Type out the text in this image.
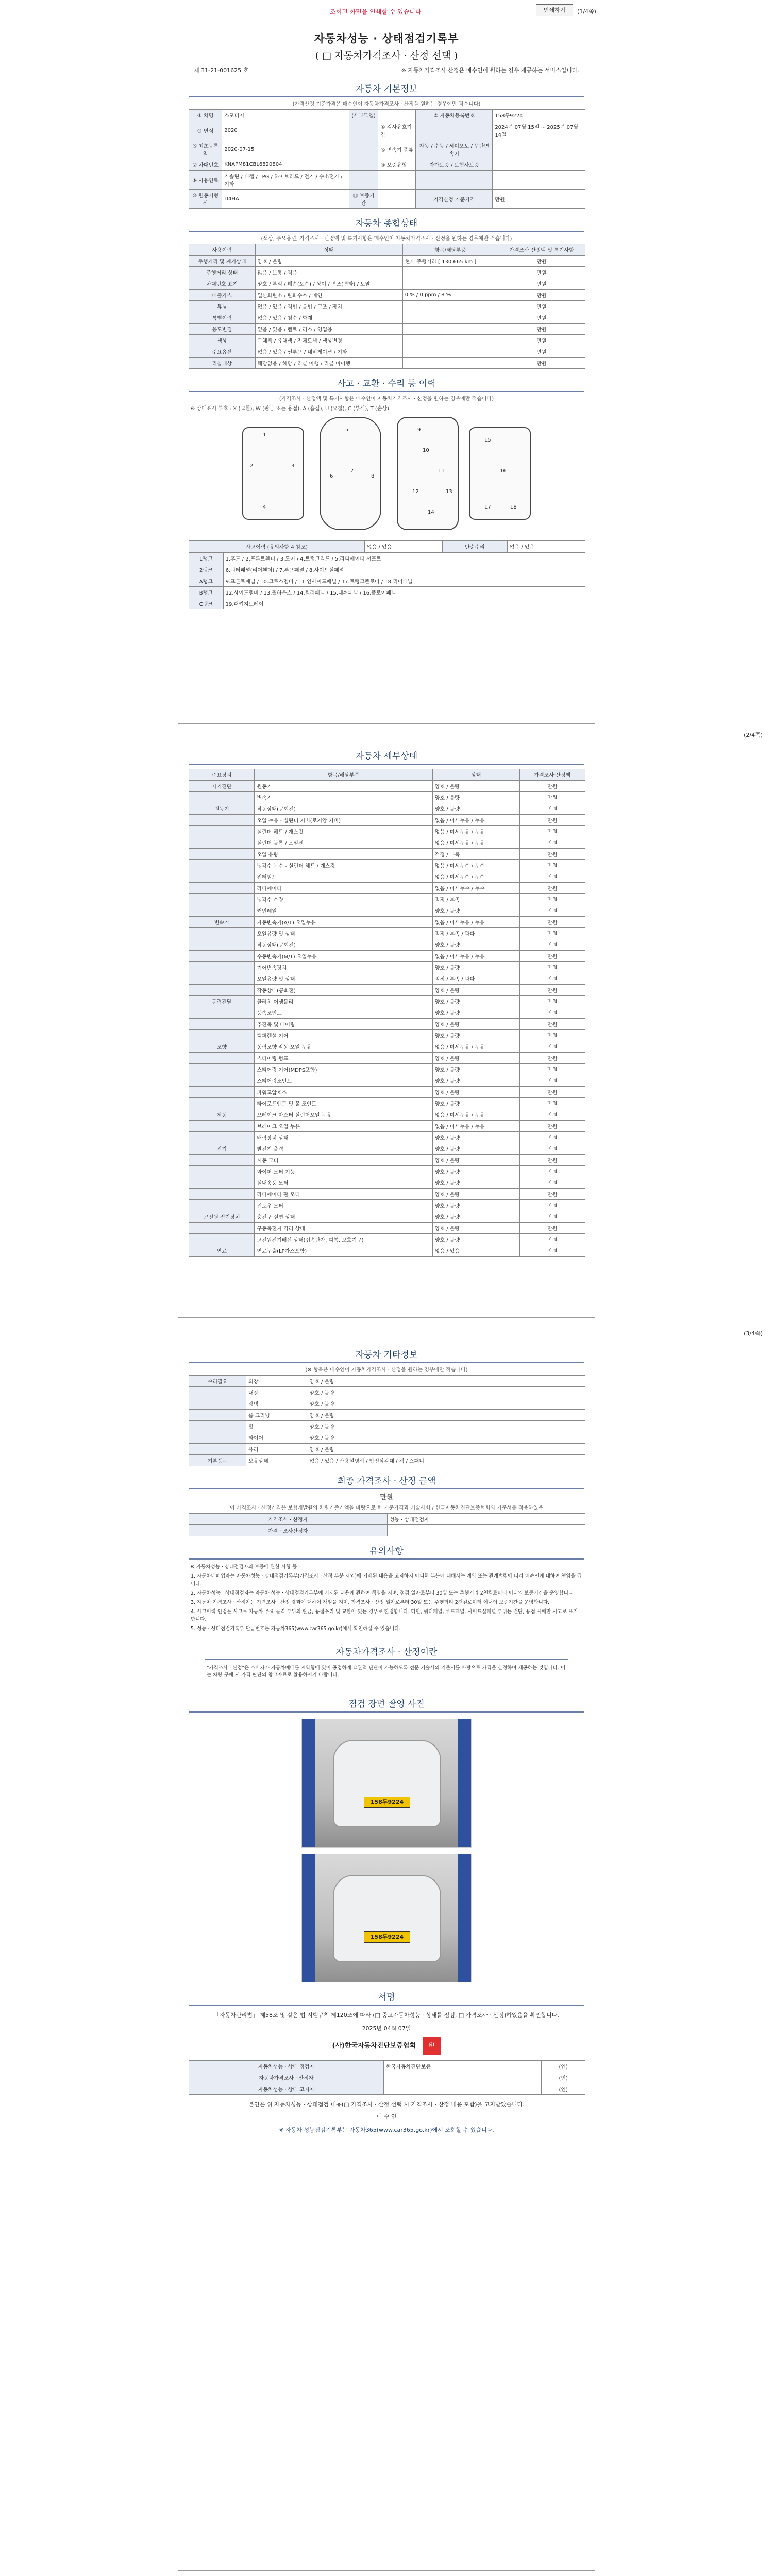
조회된 화면을 인쇄할 수 있습니다	인쇄하기	(1/4쪽)
자동차성능 · 상태점검기록부
( □ 자동차가격조사 · 산정 선택 )
제 31-21-001625 호	※ 자동차가격조사·산정은 매수인이 원하는 경우 제공하는 서비스입니다.
자동차 기본정보
(가격산정 기준가격은 매수인이 자동차가격조사 · 산정을 원하는 경우에만 적습니다)
① 차명	스포티지	(세부모델)		② 자동차등록번호	158두9224
③ 연식	2020		④ 검사유효기간		2024년 07월 15일 ~ 2025년 07월 14일
⑤ 최초등록일	2020-07-15		⑥ 변속기 종류	자동 / 수동 / 세미오토 / 무단변속기	
⑦ 차대번호	KNAPM81CBL6820804		⑧ 보증유형	자가보증 / 보험사보증	
⑨ 사용연료	가솔린 / 디젤 / LPG / 하이브리드 / 전기 / 수소전기 / 기타				
⑩ 원동기형식	D4HA	⑪ 보증기간		가격산정 기준가격	만원
자동차 종합상태
(색상, 주요옵션, 가격조사 · 산정액 및 특기사항은 매수인이 자동차가격조사 · 산정을 원하는 경우에만 적습니다)
사용이력	상태	항목/해당부품	가격조사·산정액 및 특기사항
주행거리 및 계기상태	양호 / 불량	현재 주행거리 [ 130,665 km ]	만원
주행거리 상태	많음 / 보통 / 적음		만원
차대번호 표기	양호 / 부식 / 훼손(오손) / 상이 / 변조(변타) / 도말		만원
배출가스	일산화탄소 / 탄화수소 / 매연	0 % / 0 ppm / 8 %	만원
튜닝	없음 / 있음 / 적법 / 불법 / 구조 / 장치		만원
특별이력	없음 / 있음 / 침수 / 화재		만원
용도변경	없음 / 있음 / 렌트 / 리스 / 영업용		만원
색상	무채색 / 유채색 / 전체도색 / 색상변경		만원
주요옵션	없음 / 있음 / 썬루프 / 네비게이션 / 기타		만원
리콜대상	해당없음 / 해당 / 리콜 이행 / 리콜 미이행		만원
사고 · 교환 · 수리 등 이력
(가격조사 · 산정액 및 특기사항은 매수인이 자동차가격조사 · 산정을 원하는 경우에만 적습니다)
※ 상태표시 부호 : X (교환), W (판금 또는 용접), A (흠집), U (요철), C (부식), T (손상)
1
2	3
4
5
6
7
8
9
10
11
12	13
14
15
16
17	18
사고이력 (유의사항 4 참조)	없음 / 있음	단순수리	없음 / 있음
1랭크	1.후드 / 2.프론트휀더 / 3.도어 / 4.트렁크리드 / 5.라디에이터 서포트
2랭크	6.쿼터패널(리어휀더) / 7.루프패널 / 8.사이드실패널
A랭크	9.프론트패널 / 10.크로스멤버 / 11.인사이드패널 / 17.트렁크플로어 / 18.리어패널
B랭크	12.사이드멤버 / 13.휠하우스 / 14.필러패널 / 15.대쉬패널 / 16.플로어패널
C랭크	19.패키지트레이
(2/4쪽)
자동차 세부상태
주요장치	항목/해당부품	상태	가격조사·산정액
자기진단	원동기	양호 / 불량	만원
	변속기	양호 / 불량	만원
원동기	작동상태(공회전)	양호 / 불량	만원
	오일 누유 - 실린더 커버(로커암 커버)	없음 / 미세누유 / 누유	만원
	실린더 헤드 / 개스킷	없음 / 미세누유 / 누유	만원
	실린더 블록 / 오일팬	없음 / 미세누유 / 누유	만원
	오일 유량	적정 / 부족	만원
	냉각수 누수 - 실린더 헤드 / 개스킷	없음 / 미세누수 / 누수	만원
	워터펌프	없음 / 미세누수 / 누수	만원
	라디에이터	없음 / 미세누수 / 누수	만원
	냉각수 수량	적정 / 부족	만원
	커먼레일	양호 / 불량	만원
변속기	자동변속기(A/T) 오일누유	없음 / 미세누유 / 누유	만원
	오일유량 및 상태	적정 / 부족 / 과다	만원
	작동상태(공회전)	양호 / 불량	만원
	수동변속기(M/T) 오일누유	없음 / 미세누유 / 누유	만원
	기어변속장치	양호 / 불량	만원
	오일유량 및 상태	적정 / 부족 / 과다	만원
	작동상태(공회전)	양호 / 불량	만원
동력전달	클러치 어셈블리	양호 / 불량	만원
	등속조인트	양호 / 불량	만원
	추진축 및 베어링	양호 / 불량	만원
	디퍼렌셜 기어	양호 / 불량	만원
조향	동력조향 작동 오일 누유	없음 / 미세누유 / 누유	만원
	스티어링 펌프	양호 / 불량	만원
	스티어링 기어(MDPS포함)	양호 / 불량	만원
	스티어링조인트	양호 / 불량	만원
	파워고압호스	양호 / 불량	만원
	타이로드엔드 및 볼 조인트	양호 / 불량	만원
제동	브레이크 마스터 실린더오일 누유	없음 / 미세누유 / 누유	만원
	브레이크 오일 누유	없음 / 미세누유 / 누유	만원
	배력장치 상태	양호 / 불량	만원
전기	발전기 출력	양호 / 불량	만원
	시동 모터	양호 / 불량	만원
	와이퍼 모터 기능	양호 / 불량	만원
	실내송풍 모터	양호 / 불량	만원
	라디에이터 팬 모터	양호 / 불량	만원
	윈도우 모터	양호 / 불량	만원
고전원 전기장치	충전구 절연 상태	양호 / 불량	만원
	구동축전지 격리 상태	양호 / 불량	만원
	고전원전기배선 상태(접속단자, 피복, 보호기구)	양호 / 불량	만원
연료	연료누출(LP가스포함)	없음 / 있음	만원
(3/4쪽)
자동차 기타정보
(※ 항목은 매수인이 자동차가격조사 · 산정을 원하는 경우에만 적습니다)
수리필요	외장	양호 / 불량
	내장	양호 / 불량
	광택	양호 / 불량
	룸 크리닝	양호 / 불량
	휠	양호 / 불량
	타이어	양호 / 불량
	유리	양호 / 불량
기본품목	보유상태	없음 / 있음 / 사용설명서 / 안전삼각대 / 잭 / 스패너
최종 가격조사 · 산정 금액
만원
이 가격조사 · 산정가격은 보험개발원의 차량기준가액을 바탕으로 한 기준가격과 기술사회 / 한국자동차진단보증협회의 기준서를 적용하였음
가격조사 · 산정자	성능 · 상태점검자
가격 · 조사산정자	
유의사항

※ 자동차성능 · 상태점검자의 보증에 관한 사항 등

1. 자동차매매업자는 자동차성능 · 상태점검기록부(가격조사 · 산정 부분 제외)에 기재된 내용을 고지하지 아니한 부분에 대해서는 계약 또는 관계법령에 따라 매수인에 대하여 책임을 집니다.

2. 자동차성능 · 상태점검자는 자동차 성능 · 상태점검기록부에 기재된 내용에 관하여 책임을 지며, 점검 일자로부터 30일 또는 주행거리 2천킬로미터 이내의 보증기간을 운영합니다.

3. 자동차 가격조사 · 산정자는 가격조사 · 산정 결과에 대하여 책임을 지며, 가격조사 · 산정 일자로부터 30일 또는 주행거리 2천킬로미터 이내의 보증기간을 운영합니다.

4. 사고이력 인정은 사고로 자동차 주요 골격 부위의 판금, 용접수리 및 교환이 있는 경우로 한정합니다. 다만, 쿼터패널, 루프패널, 사이드실패널 부위는 절단, 용접 시에만 사고로 표기합니다.

5. 성능 · 상태점검기록부 발급번호는 자동차365(www.car365.go.kr)에서 확인하실 수 있습니다.

자동차가격조사 · 산정이란
"가격조사 · 산정"은 소비자가 자동차매매를 계약함에 있어 공정하게 객관적 판단이 가능하도록 전문 기술사의 기준서를 바탕으로 가격을 산정하여 제공하는 것입니다. 이는 차량 구매 시 가격 판단의 참고자료로 활용하시기 바랍니다.
점검 장면 촬영 사진
158두9224
158두9224
서명
「자동차관리법」 제58조 및 같은 법 시행규칙 제120조에 따라 (□ 중고자동차성능 · 상태를 점검, □ 가격조사 · 산정)하였음을 확인합니다.
2025년 04월 07일
(사)한국자동차진단보증협회	印
자동차성능 · 상태 점검자	한국자동차진단보증	(인)
자동차가격조사 · 산정자		(인)
자동차성능 · 상태 고지자		(인)
본인은 위 자동차성능 · 상태점검 내용(□ 가격조사 · 산정 선택 시 가격조사 · 산정 내용 포함)을 고지받았습니다.
매 수 인
※ 자동차 성능점검기록부는 자동차365(www.car365.go.kr)에서 조회할 수 있습니다.
